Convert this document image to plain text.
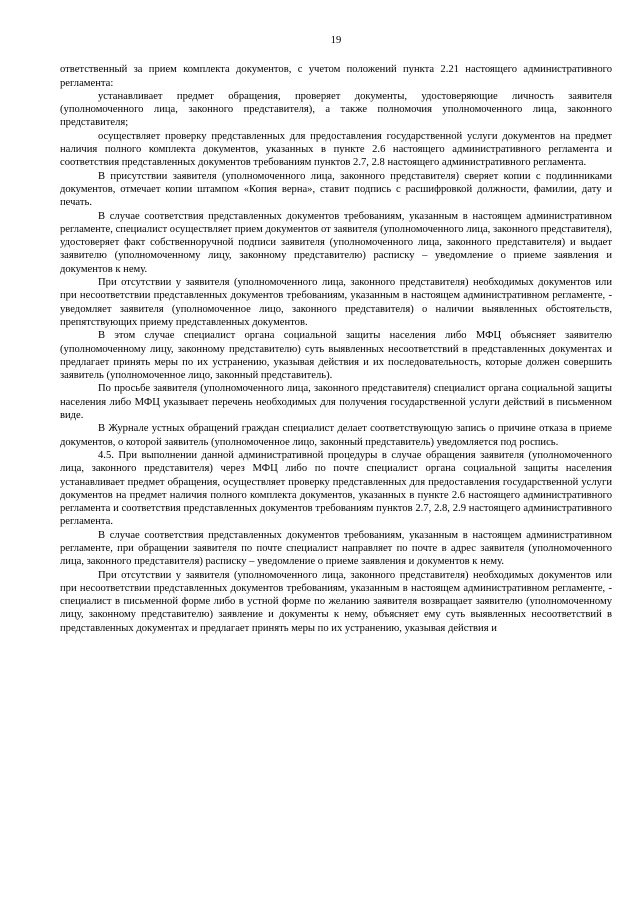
19

ответственный за прием комплекта документов, с учетом положений пункта 2.21 настоящего административного регламента:

устанавливает предмет обращения, проверяет документы, удостоверяющие личность заявителя (уполномоченного лица, законного представителя), а также полномочия уполномоченного лица, законного представителя;

осуществляет проверку представленных для предоставления государственной услуги документов на предмет наличия полного комплекта документов, указанных в пункте 2.6 настоящего административного регламента и соответствия представленных документов требованиям пунктов 2.7, 2.8 настоящего административного регламента.

В присутствии заявителя (уполномоченного лица, законного представителя) сверяет копии с подлинниками документов, отмечает копии штампом «Копия верна», ставит подпись с расшифровкой должности, фамилии, дату и печать.

В случае соответствия представленных документов требованиям, указанным в настоящем административном регламенте, специалист осуществляет прием документов от заявителя (уполномоченного лица, законного представителя), удостоверяет факт собственноручной подписи заявителя (уполномоченного лица, законного представителя) и выдает заявителю (уполномоченному лицу, законному представителю) расписку – уведомление о приеме заявления и документов к нему.

При отсутствии у заявителя (уполномоченного лица, законного представителя) необходимых документов или при несоответствии представленных документов требованиям, указанным в настоящем административном регламенте, - уведомляет заявителя (уполномоченное лицо, законного представителя) о наличии выявленных обстоятельств, препятствующих приему представленных документов.

В этом случае специалист органа социальной защиты населения либо МФЦ объясняет заявителю (уполномоченному лицу, законному представителю) суть выявленных несоответствий в представленных документах и предлагает принять меры по их устранению, указывая действия и их последовательность, которые должен совершить заявитель (уполномоченное лицо, законный представитель).

По просьбе заявителя (уполномоченного лица, законного представителя) специалист органа социальной защиты населения либо МФЦ указывает перечень необходимых для получения государственной услуги действий в письменном виде.

В Журнале устных обращений граждан специалист делает соответствующую запись о причине отказа в приеме документов, о которой заявитель (уполномоченное лицо, законный представитель) уведомляется под роспись.

4.5. При выполнении данной административной процедуры в случае обращения заявителя (уполномоченного лица, законного представителя) через МФЦ либо по почте специалист органа социальной защиты населения устанавливает предмет обращения, осуществляет проверку представленных для предоставления государственной услуги документов на предмет наличия полного комплекта документов, указанных в пункте 2.6 настоящего административного регламента и соответствия представленных документов требованиям пунктов 2.7, 2.8, 2.9 настоящего административного регламента.

В случае соответствия представленных документов требованиям, указанным в настоящем административном регламенте, при обращении заявителя по почте специалист направляет по почте в адрес заявителя (уполномоченного лица, законного представителя) расписку – уведомление о приеме заявления и документов к нему.

При отсутствии у заявителя (уполномоченного лица, законного представителя) необходимых документов или при несоответствии представленных документов требованиям, указанным в настоящем административном регламенте, - специалист в письменной форме либо в устной форме по желанию заявителя возвращает заявителю (уполномоченному лицу, законному представителю) заявление и документы к нему, объясняет ему суть выявленных несоответствий в представленных документах и предлагает принять меры по их устранению, указывая действия и
